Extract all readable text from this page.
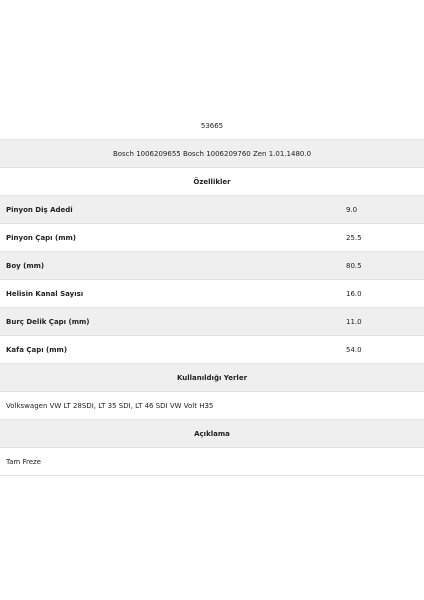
53665
Bosch 1006209655 Bosch 1006209760 Zen 1.01.1480.0
Özellikler
Pinyon Diş Adedi	9.0
Pinyon Çapı (mm)	25.5
Boy (mm)	80.5
Helisin Kanal Sayısı	16.0
Burç Delik Çapı (mm)	11.0
Kafa Çapı (mm)	54.0
Kullanıldığı Yerler
Volkswagen VW LT 28SDI, LT 35 SDI, LT 46 SDI VW Volt H35
Açıklama
Tam Freze
